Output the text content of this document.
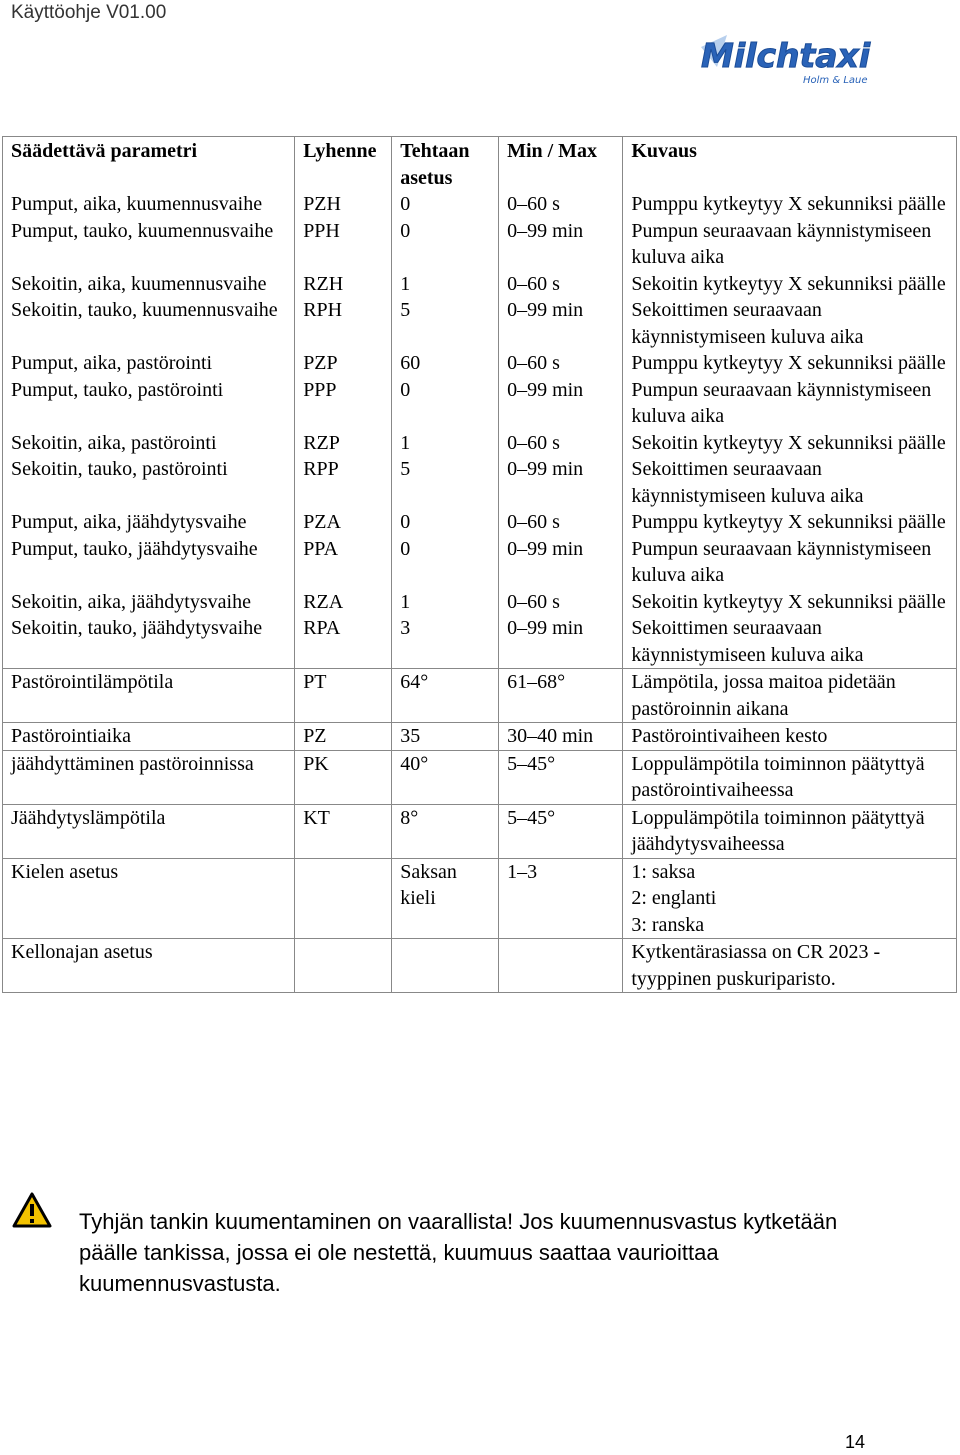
Käyttöohje V01.00
Milchtaxi
Holm & Laue
Säädettävä parametri	Lyhenne	Tehtaan asetus	Min / Max	Kuvaus
Pumput, aika, kuumennusvaihe	PZH	0	0–60 s	Pumppu kytkeytyy X sekunniksi päälle
Pumput, tauko, kuumennusvaihe	PPH	0	0–99 min	Pumpun seuraavaan käynnistymiseen kuluva aika
Sekoitin, aika, kuumennusvaihe	RZH	1	0–60 s	Sekoitin kytkeytyy X sekunniksi päälle
Sekoitin, tauko, kuumennusvaihe	RPH	5	0–99 min	Sekoittimen seuraavaan käynnistymiseen kuluva aika
Pumput, aika, pastörointi	PZP	60	0–60 s	Pumppu kytkeytyy X sekunniksi päälle
Pumput, tauko, pastörointi	PPP	0	0–99 min	Pumpun seuraavaan käynnistymiseen kuluva aika
Sekoitin, aika, pastörointi	RZP	1	0–60 s	Sekoitin kytkeytyy X sekunniksi päälle
Sekoitin, tauko, pastörointi	RPP	5	0–99 min	Sekoittimen seuraavaan käynnistymiseen kuluva aika
Pumput, aika, jäähdytysvaihe	PZA	0	0–60 s	Pumppu kytkeytyy X sekunniksi päälle
Pumput, tauko, jäähdytysvaihe	PPA	0	0–99 min	Pumpun seuraavaan käynnistymiseen kuluva aika
Sekoitin, aika, jäähdytysvaihe	RZA	1	0–60 s	Sekoitin kytkeytyy X sekunniksi päälle
Sekoitin, tauko, jäähdytysvaihe	RPA	3	0–99 min	Sekoittimen seuraavaan käynnistymiseen kuluva aika
Pastörointilämpötila	PT	64°	61–68°	Lämpötila, jossa maitoa pidetään pastöroinnin aikana
Pastörointiaika	PZ	35	30–40 min	Pastörointivaiheen kesto
jäähdyttäminen pastöroinnissa	PK	40°	5–45°	Loppulämpötila toiminnon päätyttyä pastörointivaiheessa
Jäähdytyslämpötila	KT	8°	5–45°	Loppulämpötila toiminnon päätyttyä jäähdytysvaiheessa
Kielen asetus		Saksan kieli	1–3	1: saksa
2: englanti
3: ranska

Kellonajan asetus				Kytkentärasiassa on CR 2023 -tyyppinen puskuriparisto.
Tyhjän tankin kuumentaminen on vaarallista! Jos kuumennusvastus kytketään päälle tankissa, jossa ei ole nestettä, kuumuus saattaa vaurioittaa kuumennusvastusta.
14
